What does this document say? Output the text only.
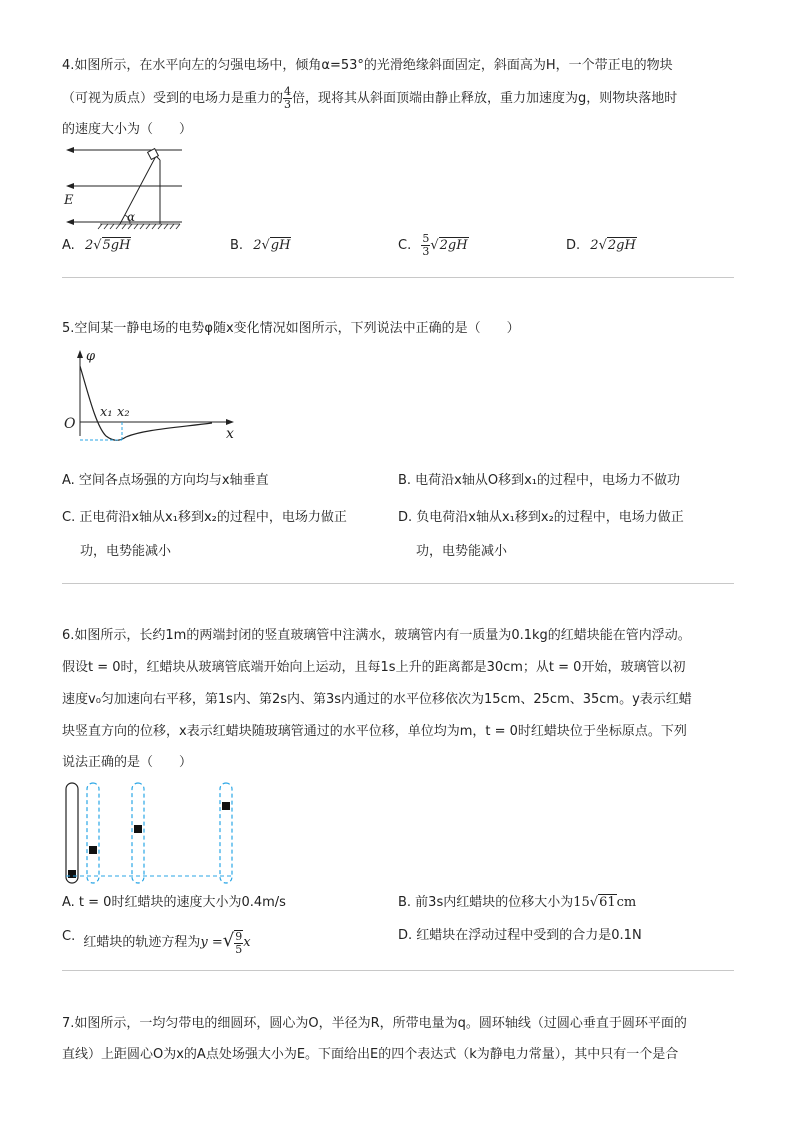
4.如图所示，在水平向左的匀强电场中，倾角α=53°的光滑绝缘斜面固定，斜面高为H，一个带正电的物块
（可视为质点）受到的电场力是重力的 $\frac{4}{3}$ 倍，现将其从斜面顶端由静止释放，重力加速度为g，则物块落地时
的速度大小为（　　）
α
E
A. 2√5gH	B. 2√gH	C. $\frac{5}{3} √2gH$	D. 2√2gH
5.空间某一静电场的电势φ随x变化情况如图所示，下列说法中正确的是（　　）
φ
O
x₁ x₂
x
A. 空间各点场强的方向均与x轴垂直	B. 电荷沿x轴从O移到x₁的过程中，电场力不做功
C. 正电荷沿x轴从x₁移到x₂的过程中，电场力做正
功，电势能减小
D. 负电荷沿x轴从x₁移到x₂的过程中，电场力做正
功，电势能减小
6.如图所示，长约1m的两端封闭的竖直玻璃管中注满水，玻璃管内有一质量为0.1kg的红蜡块能在管内浮动。
假设t = 0时，红蜡块从玻璃管底端开始向上运动，且每1s上升的距离都是30cm；从t = 0开始，玻璃管以初
速度v₀匀加速向右平移，第1s内、第2s内、第3s内通过的水平位移依次为15cm、25cm、35cm。y表示红蜡
块竖直方向的位移，x表示红蜡块随玻璃管通过的水平位移，单位均为m，t = 0时红蜡块位于坐标原点。下列
说法正确的是（　　）
A. t = 0时红蜡块的速度大小为0.4m/s	B. 前3s内红蜡块的位移大小为15√61cm
C. 红蜡块的轨迹方程为y =√ $\frac{9}{5}$ x	D. 红蜡块在浮动过程中受到的合力是0.1N
7.如图所示，一均匀带电的细圆环，圆心为O，半径为R，所带电量为q。圆环轴线（过圆心垂直于圆环平面的
直线）上距圆心O为x的A点处场强大小为E。下面给出E的四个表达式（k为静电力常量），其中只有一个是合
